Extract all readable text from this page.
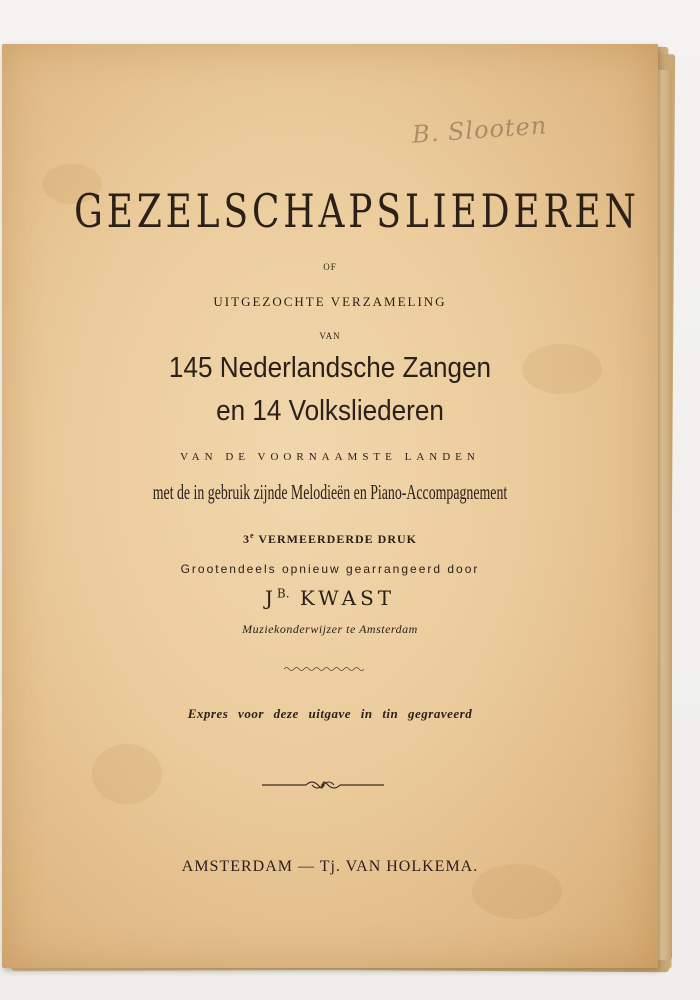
B. Slooten
GEZELSCHAPSLIEDEREN
OF
UITGEZOCHTE VERZAMELING
VAN
145 Nederlandsche Zangen
en 14 Volksliederen
VAN DE VOORNAAMSTE LANDEN
met de in gebruik zijnde Melodieën en Piano-Accompagnement
3e VERMEERDERDE DRUK
Grootendeels opnieuw gearrangeerd door
$J^{B.}$ KWAST
Muziekonderwijzer te Amsterdam
Expres voor deze uitgave in tin gegraveerd
AMSTERDAM — Tj. VAN HOLKEMA.
